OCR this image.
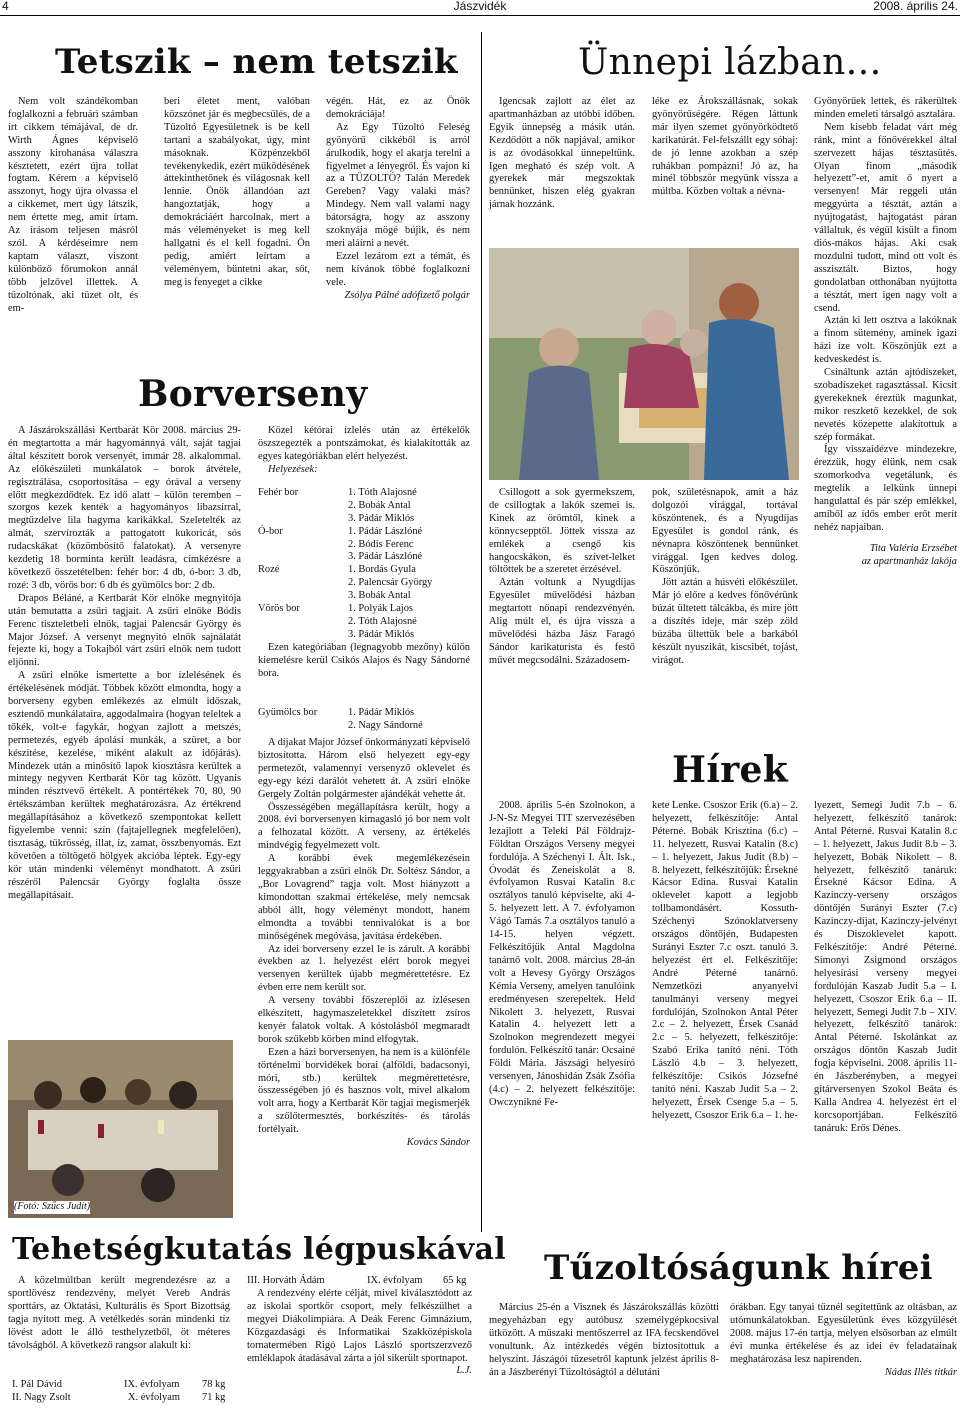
4	Jászvidék	2008. április 24.
Tetszik – nem tetszik

Nem volt szándékomban foglalkozni a februári számban írt cikkem témájával, de dr. Wirth Ágnes képviselő asszony kirohanása válaszra késztetett, ezért újra tollat fogtam. Kérem a képviselő asszonyt, hogy újra olvassa el a cikkemet, mert úgy látszik, nem értette meg, amit írtam. Az írásom teljesen másról szól. A kérdéseimre nem kaptam választ, viszont különböző főrumokon annál több jelzővel illettek. A tűzoltónak, aki tüzet olt, és em-

beri életet ment, valóban közszónet jár és megbecsülés, de a Tűzoltó Egyesületnek is be kell tartani a szabályokat, úgy, mint másoknak. Közpénzekből tevékenykedik, ezért működésének áttekinthetőnek és világosnak kell lennie. Önök állandóan azt hangoztatják, hogy a demokráciáért harcolnak, mert a más véleményeket is meg kell hallgatni és el kell fogadni. Ön pedig, amiért leírtam a véleményem, büntetni akar, sőt, meg is fenyeget a cikke

végén. Hát, ez az Önök demokráciája!

Az Egy Tűzoltó Feleség gyönyörű cikkéből is arról árulkodik, hogy el akarja terelni a figyelmet a lényegről. És vajon ki az a TŰZOLTÓ? Talán Meredek Gereben? Vagy valaki más? Mindegy. Nem vall valami nagy bátorságra, hogy az asszony szoknyája mögé bújik, és nem meri aláírni a nevét.

Ezzel lezárom ezt a témát, és nem kívánok többé foglalkozni vele.

Zsólya Pálné adófizető polgár

Borverseny

A Jászárokszállási Kertbarát Kör 2008. március 29-én megtartotta a már hagyománnyá vált, saját tagjai által készített borok versenyét, immár 28. alkalommal. Az előkészületi munkálatok – borok átvétele, regisztrálása, csoportosítása – egy órával a verseny előtt megkezdődtek. Ez idő alatt – külön teremben – szorgos kezek kenték a hagyományos libazsírral, megtűzdelve lila hagyma karikákkal. Szeletelték az almát, szervírozták a pattogatott kukoricát, sós rudacskákat (közömbösítő falatokat). A versenyre kezdetig 18 borminta került leadásra, címkézésre a következő összetételben: fehér bor: 4 db, ó-bor: 3 db, rozé: 3 db, vörös bor: 6 db és gyümölcs bor: 2 db.

Drapos Béláné, a Kertbarát Kör elnöke megnyitója után bemutatta a zsűri tagjait. A zsűri elnöke Bódis Ferenc tiszteletbeli elnök, tagjai Palencsár György és Major József. A versenyt megnyitó elnök sajnálatát fejezte ki, hogy a Tokajból várt zsűri elnök nem tudott eljönni.

A zsűri elnöke ismertette a bor ízlelésének és értékelésének módját. Többek között elmondta, hogy a borverseny egyben emlékezés az elmúlt időszak, esztendő munkálataira, aggodalmaira (hogyan teleltek a tőkék, volt-e fagykár, hogyan zajlott a metszés, permetezés, egyéb ápolási munkák, a szüret, a bor készítése, kezelése, miként alakult az időjárás). Mindezek után a minősítő lapok kiosztásra kerültek a mintegy negyven Kertbarát Kör tag között. Ugyanis minden résztvevő értékelt. A pontértékek 70, 80, 90 értékszámban kerültek meghatározásra. Az értékrend megállapításához a következő szempontokat kellett figyelembe venni: szín (fajtajellegnek megfelelően), tisztaság, tükrösség, illat, íz, zamat, összbenyomás. Ezt követően a töltögető hölgyek akcióba léptek. Egy-egy kör után mindenki véleményt mondhatott. A zsűri részéről Palencsár György foglalta össze megállapításait.

(Fotó: Szűcs Judit)

Közel kétórai ízlelés után az értékelők öszszegezték a pontszámokat, és kialakították az egyes kategóriákban elért helyezést.

Helyezések:

Fehér bor	1. Tóth Alajosné
2. Bobák Antal
3. Pádár Miklós
Ó-bor	1. Pádár Lászlóné
2. Bódis Ferenc
3. Pádár Lászlóné
Rozé	1. Bordás Gyula
2. Palencsár György
3. Bobák Antal
Vörös bor	1. Polyák Lajos
2. Tóth Alajosné
3. Pádár Miklós

Ezen kategóriában (legnagyobb mezőny) külön kiemelésre kerül Csikós Alajos és Nagy Sándorné bora.

Gyümölcs bor	1. Pádár Miklós
2. Nagy Sándorné

A díjakat Major József önkormányzati képviselő biztosította. Három első helyezett egy-egy permetezőt, valamennyi versenyző oklevelet és egy-egy kézi darálót vehetett át. A zsűri elnöke Gergely Zoltán polgármester ajándékát vehette át.

Összességében megállapításra került, hogy a 2008. évi borversenyen kimagasló jó bor nem volt a felhozatal között. A verseny, az értékelés mindvégig fegyelmezett volt.

A korábbi évek megemlékezésein leggyakrabban a zsűri elnök Dr. Soltész Sándor, a „Bor Lovagrend” tagja volt. Most hiányzott a kimondottan szakmai értékelése, mely nemcsak abból állt, hogy véleményt mondott, hanem elmondta a további tennivalókat is a bor minőségének megóvása, javítása érdekében.

Az idei borverseny ezzel le is zárult. A korábbi években az 1. helyezést elért borok megyei versenyen kerültek újabb megmérettetésre. Ez évben erre nem került sor.

A verseny további főszereplői az ízlésesen elkészített, hagymaszeletekkel díszített zsíros kenyér falatok voltak. A kóstolásból megmaradt borok szűkebb körben mind elfogytak.

Ezen a házi borversenyen, ha nem is a különféle történelmi borvidékek borai (alföldi, badacsonyi, móri, stb.) kerültek megmérettetésre, összességében jó és hasznos volt, mivel alkalom volt arra, hogy a Kertbarát Kör tagjai megismerjék a szőlőtermesztés, borkészítés- és tárolás fortélyait.

Kovács Sándor

Tehetségkutatás légpuskával

A közelmúltban került megrendezésre az a sportlövész rendezvény, melyet Vereb András sporttárs, az Oktatási, Kulturális és Sport Bizottság tagja nyitott meg. A vetélkedés során mindenki tíz lövést adott le álló testhelyzetből, öt méteres távolságból. A következő rangsor alakult ki:

I. Pál Dávid	IX. évfolyam 78 kg
II. Nagy Zsolt	X. évfolyam 71 kg
III. Horváth Ádám	IX. évfolyam 65 kg

A rendezvény elérte célját, mivel kiválasztódott az az iskolai sportkör csoport, mely felkészülhet a megyei Diákolimpiára. A Deák Ferenc Gimnázium, Közgazdasági és Informatikai Szakközépiskola tornatermében Rigó Lajos László sportszerzvező emléklapok átadásával zárta a jól sikerült sportnapot.

L.J.

Ünnepi lázban…

Igencsak zajlott az élet az apartmanházban az utóbbi időben. Egyik ünnepség a másik után. Kezdődött a nők napjával, amikor is az óvodásokkal ünnepeltünk. Igen megható és szép volt. A gyerekek már megszoktak bennünket, hiszen elég gyakran járnak hozzánk.

léke ez Árokszállásnak, sokak gyönyörűségére. Régen láttunk már ilyen szemet gyönyörködtető karikatúrát. Fel-felszállt egy sóhaj: de jó lenne azokban a szép ruhákban pompázni! Jó az, ha minél többször megyünk vissza a múltba. Közben voltak a névna-

Gyönyörűek lettek, és rákerültek minden emeleti társalgó asztalára.

Nem kisebb feladat várt még ránk, mint a főnővérekkel által szervezett hájas tésztasütés. Olyan finom „második helyezett”-et, amit ő nyert a versenyen! Már reggeli után meggyúrta a tésztát, aztán a nyújtogatást, hajtogatást páran vállaltuk, és végül kisült a finom diós-mákos hájas. Aki csak mozdulni tudott, mind ott volt és asszisztált. Biztos, hogy gondolatban otthonában nyújtotta a tésztát, mert igen nagy volt a csend.

Aztán ki lett osztva a lakóknak a finom sütemény, aminek igazi házi íze volt. Köszönjük ezt a kedveskedést is.

Csináltunk aztán ajtódíszeket, szobadíszeket ragasztással. Kicsit gyerekeknek éreztük magunkat, mikor reszkető kezekkel, de sok nevetés közepette alakítottuk a szép formákat.

Így visszaidézve mindezekre, érezzük, hogy élünk, nem csak szomorkodva vegetálunk, és megtelik a lelkünk ünnepi hangulattal és pár szép emlékkel, amiből az idős ember erőt merít nehéz napjaiban.

Tita Valéria Erzsébet

az apartmanház lakója

Csillogott a sok gyermekszem, de csillogtak a lakók szemei is. Kinek az örömtől, kinek a könnycsepptől. Jöttek vissza az emlékek a csengő kis hangocskákon, és szívet-lelket töltöttek be a szeretet érzésével.

Aztán voltunk a Nyugdíjas Egyesület művelődési házban megtartott nőnapi rendezvényén. Alig múlt el, és újra vissza a művelődési házba Jász Faragó Sándor karikaturista és festő művét megcsodálni. Századosem-

pok, születésnapok, amit a ház dolgozói virággal, tortával köszöntenek, és a Nyugdíjas Egyesület is gondol ránk, és névnapra köszöntenek bennünket virággal. Igen kedves dolog. Köszönjük.

Jött aztán a húsvéti előkészület. Már jó előre a kedves főnővérünk búzát ültetett tálcákba, és mire jött a díszítés ideje, már szép zöld búzába ültettük bele a barkából készült nyuszikát, kiscsibét, tojást, virágot.

Hírek

2008. április 5-én Szolnokon, a J-N-Sz Megyei TIT szervezésében lezajlott a Teleki Pál Földrajz-Földtan Országos Verseny megyei fordulója. A Széchenyi I. Ált. Isk., Óvodát és Zeneiskolát a 8. évfolyamon Rusvai Katalin 8.c osztályos tanuló képviselte, aki 4-5. helyezett lett. A 7. évfolyamon Vágó Tamás 7.a osztályos tanuló a 14-15. helyen végzett. Felkészítőjük Antal Magdolna tanárnő volt. 2008. március 28-án volt a Hevesy György Országos Kémia Verseny, amelyen tanulóink eredményesen szerepeltek. Held Nikolett 3. helyezett, Rusvai Katalin 4. helyezett lett a Szolnokon megrendezett megyei fordulón. Felkészítő tanár: Ocsainé Földi Mária. Jászsági helyesíró versenyen, Jánoshidán Zsák Zsófia (4.c) – 2. helyezett felkészítője: Owczynikné Fe-

kete Lenke. Csoszor Erik (6.a) – 2. helyezett, felkészítője: Antal Péterné. Bobák Krisztina (6.c) – 11. helyezett, Rusvai Katalin (8.c) – 1. helyezett, Jakus Judit (8.b) – 8. helyezett, felkészítőjük: Érsekné Kácsor Edina. Rusvai Katalin oklevelet kapott a legjobb tollbamondásért. Kossuth-Széchenyi Szónoklatverseny országos döntőjén, Budapesten Surányi Eszter 7.c oszt. tanuló 3. helyezést ért el. Felkészítője: André Péterné tanárnő. Nemzetközi anyanyelvi tanulmányi verseny megyei fordulóján, Szolnokon Antal Péter 2.c – 2. helyezett, Érsek Csanád 2.c – 5. helyezett, felkészítője: Szabó Erika tanító néni. Tóth László 4.b – 3. helyezett, felkészítője: Csikós Józsefné tanító néni. Kaszab Judit 5.a – 2. helyezett, Érsek Csenge 5.a – 5. helyezett, Csoszor Erik 6.a – 1. he-

lyezett, Semegi Judit 7.b – 6. helyezett, felkészítő tanárok: Antal Péterné. Rusvai Katalin 8.c – 1. helyezett, Jakus Judit 8.b – 3. helyezett, Bobák Nikolett – 8. helyezett, felkészítő tanáruk: Érsekné Kácsor Edina. A Kazinczy-verseny országos döntőjén Surányi Eszter (7.c) Kazinczy-díjat, Kazinczy-jelvényt és Diszoklevelet kapott. Felkészítője: André Péterné. Simonyi Zsigmond országos helyesírási verseny megyei fordulóján Kaszab Judit 5.a – I. helyezett, Csoszor Erik 6.a – II. helyezett, Semegi Judit 7.b – XIV. helyezett, felkészítő tanárok: Antal Péterné. Iskolánkat az országos döntőn Kaszab Judit fogja képviselni. 2008. április 11-én Jászberényben, a megyei gitárversenyen Szokol Beáta és Kalla Andrea 4. helyezést ért el korcsoportjában. Felkészítő tanáruk: Erős Dénes.

Tűzoltóságunk hírei

Március 25-én a Visznek és Jászárokszállás közötti megyeházban egy autóbusz személygépkocsival ütközött. A műszaki mentőszerrel az IFA fecskendővel vonultunk. Az intézkedés végén biztosítottuk a helyszínt. Jászágói tűzesetről kaptunk jelzést április 8-án a Jászberényi Tűzoltóságtól a délutáni

órákban. Egy tanyai tűznél segítettünk az oltásban, az utómunkálatokban. Egyesületünk éves közgyűlését 2008. május 17-én tartja, melyen elsősorban az elmúlt évi munka értékelése és az idei év feladatainak meghatározása lesz napirenden.

Nádas Illés titkár
